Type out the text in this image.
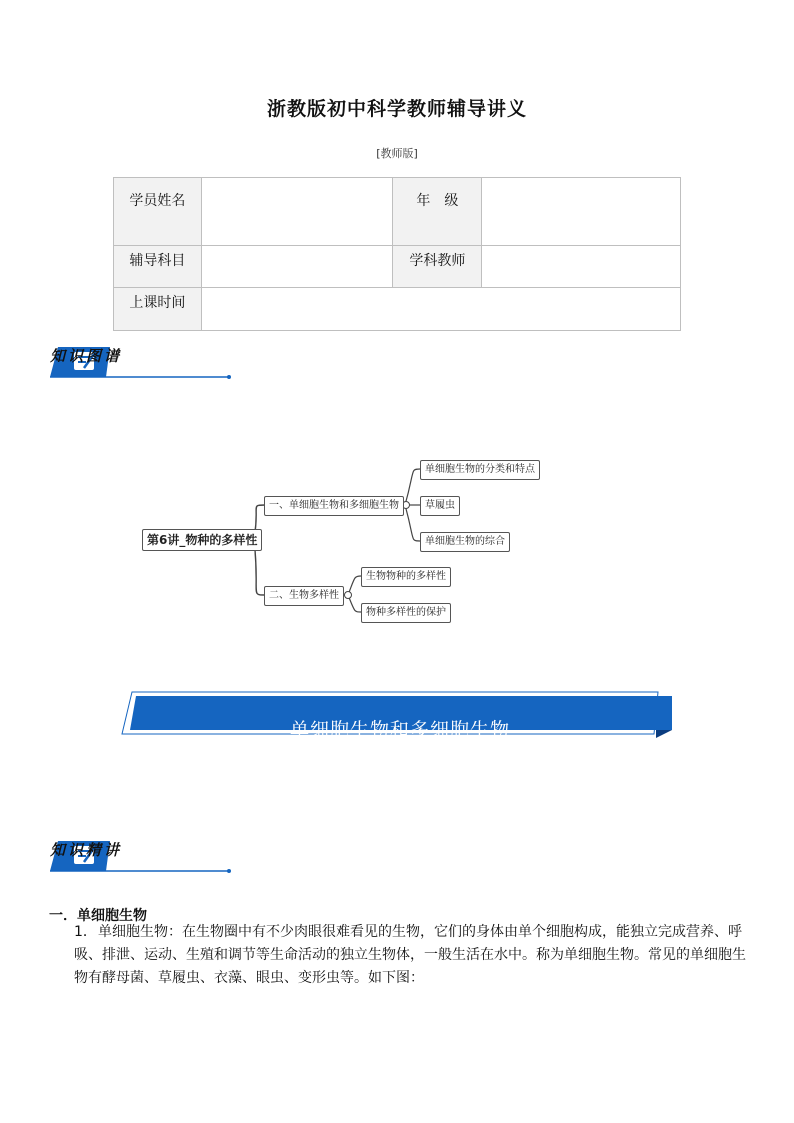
浙教版初中科学教师辅导讲义
[教师版]
学员姓名		年　级	
辅导科目		学科教师	
上课时间			
知识图谱
第6讲_物种的多样性
一、单细胞生物和多细胞生物
单细胞生物的分类和特点
草履虫
单细胞生物的综合
二、生物多样性
生物物种的多样性
物种多样性的保护
单细胞生物和多细胞生物
知识精讲
一．单细胞生物
1．单细胞生物：在生物圈中有不少肉眼很难看见的生物，它们的身体由单个细胞构成，能独立完成营养、呼吸、排泄、运动、生殖和调节等生命活动的独立生物体，一般生活在水中。称为单细胞生物。常见的单细胞生物有酵母菌、草履虫、衣藻、眼虫、变形虫等。如下图：
